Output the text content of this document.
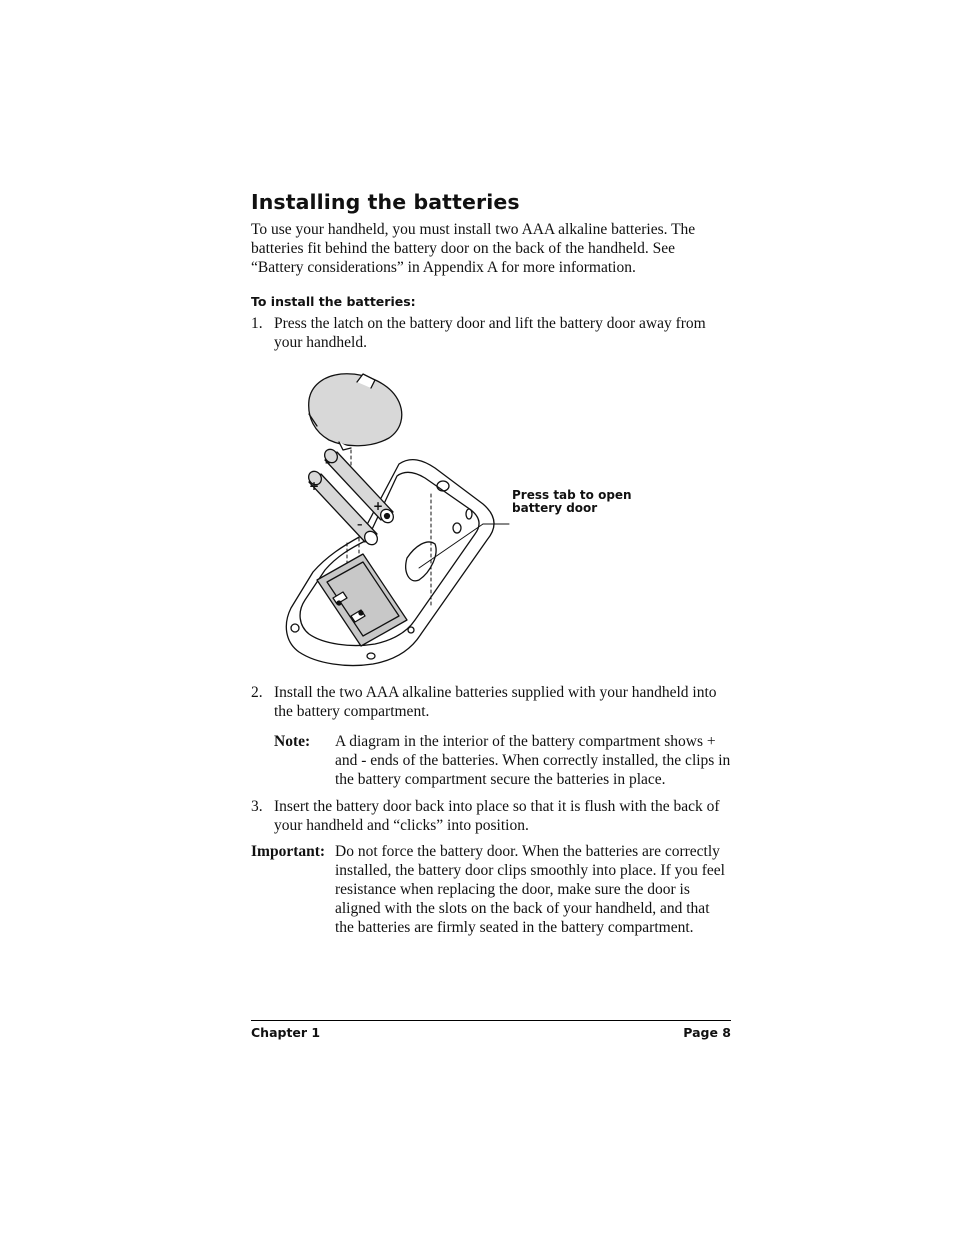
Installing the batteries

To use your handheld, you must install two AAA alkaline batteries. The batteries fit behind the battery door on the back of the handheld. See “Battery considerations” in Appendix A for more information.

To install the batteries:
1. Press the latch on the battery door and lift the battery door away from your handheld.
+
+
–
–
Press tab to open
battery door
2. Install the two AAA alkaline batteries supplied with your handheld into the battery compartment.
Note: A diagram in the interior of the battery compartment shows + and - ends of the batteries. When correctly installed, the clips in the battery compartment secure the batteries in place.
3. Insert the battery door back into place so that it is flush with the back of your handheld and “clicks” into position.
Important: Do not force the battery door. When the batteries are correctly installed, the battery door clips smoothly into place. If you feel resistance when replacing the door, make sure the door is aligned with the slots on the back of your handheld, and that the batteries are firmly seated in the battery compartment.
Chapter 1	Page 8
